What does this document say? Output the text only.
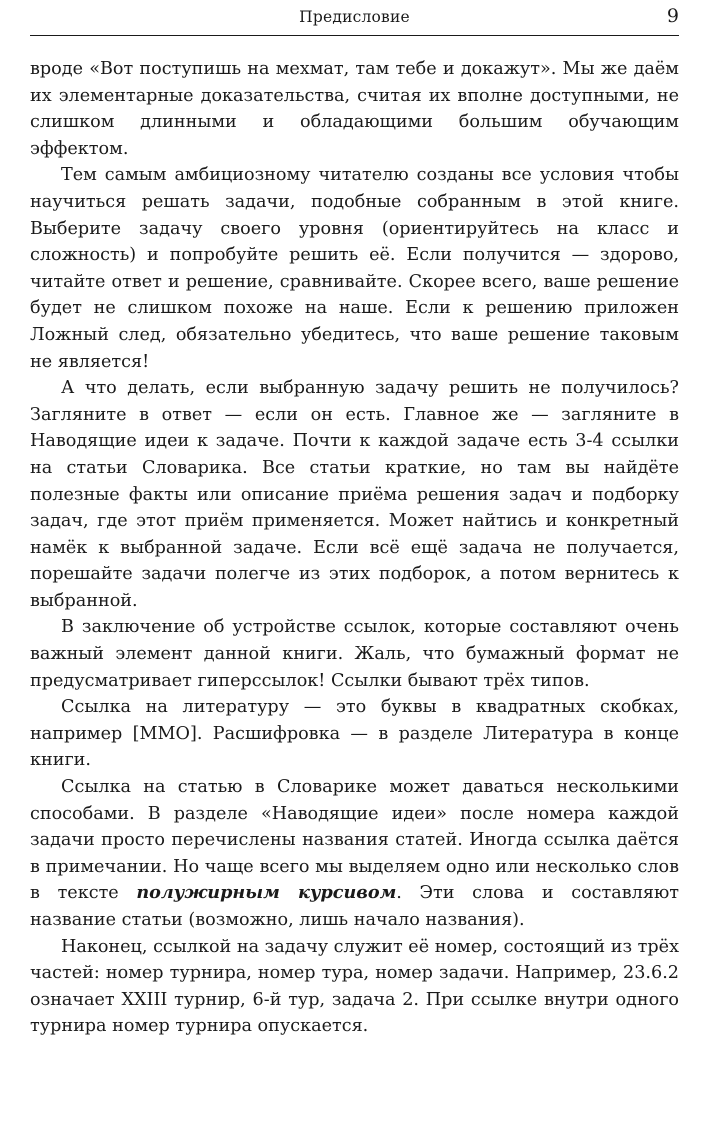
Предисловие	9

вроде «Вот поступишь на мехмат, там тебе и докажут». Мы же даём их элементарные доказательства, считая их вполне доступными, не слишком длинными и обладающими большим обучающим эффектом.

Тем самым амбициозному читателю созданы все условия чтобы научиться решать задачи, подобные собранным в этой книге. Выберите задачу своего уровня (ориентируйтесь на класс и сложность) и попробуйте решить её. Если получится — здорово, читайте ответ и решение, сравнивайте. Скорее всего, ваше решение будет не слишком похоже на наше. Если к решению приложен Ложный след, обязательно убедитесь, что ваше решение таковым не является!

А что делать, если выбранную задачу решить не получилось? Загляните в ответ — если он есть. Главное же — загляните в Наводящие идеи к задаче. Почти к каждой задаче есть 3-4 ссылки на статьи Словарика. Все статьи краткие, но там вы найдёте полезные факты или описание приёма решения задач и подборку задач, где этот приём применяется. Может найтись и конкретный намёк к выбранной задаче. Если всё ещё задача не получается, порешайте задачи полегче из этих подборок, а потом вернитесь к выбранной.

В заключение об устройстве ссылок, которые составляют очень важный элемент данной книги. Жаль, что бумажный формат не предусматривает гиперссылок! Ссылки бывают трёх типов.

Ссылка на литературу — это буквы в квадратных скобках, например [ММО]. Расшифровка — в разделе Литература в конце книги.

Ссылка на статью в Словарике может даваться несколькими способами. В разделе «Наводящие идеи» после номера каждой задачи просто перечислены названия статей. Иногда ссылка даётся в примечании. Но чаще всего мы выделяем одно или несколько слов в тексте полужирным курсивом. Эти слова и составляют название статьи (возможно, лишь начало названия).

Наконец, ссылкой на задачу служит её номер, состоящий из трёх частей: номер турнира, номер тура, номер задачи. Например, 23.6.2 означает XXIII турнир, 6-й тур, задача 2. При ссылке внутри одного турнира номер турнира опускается.
